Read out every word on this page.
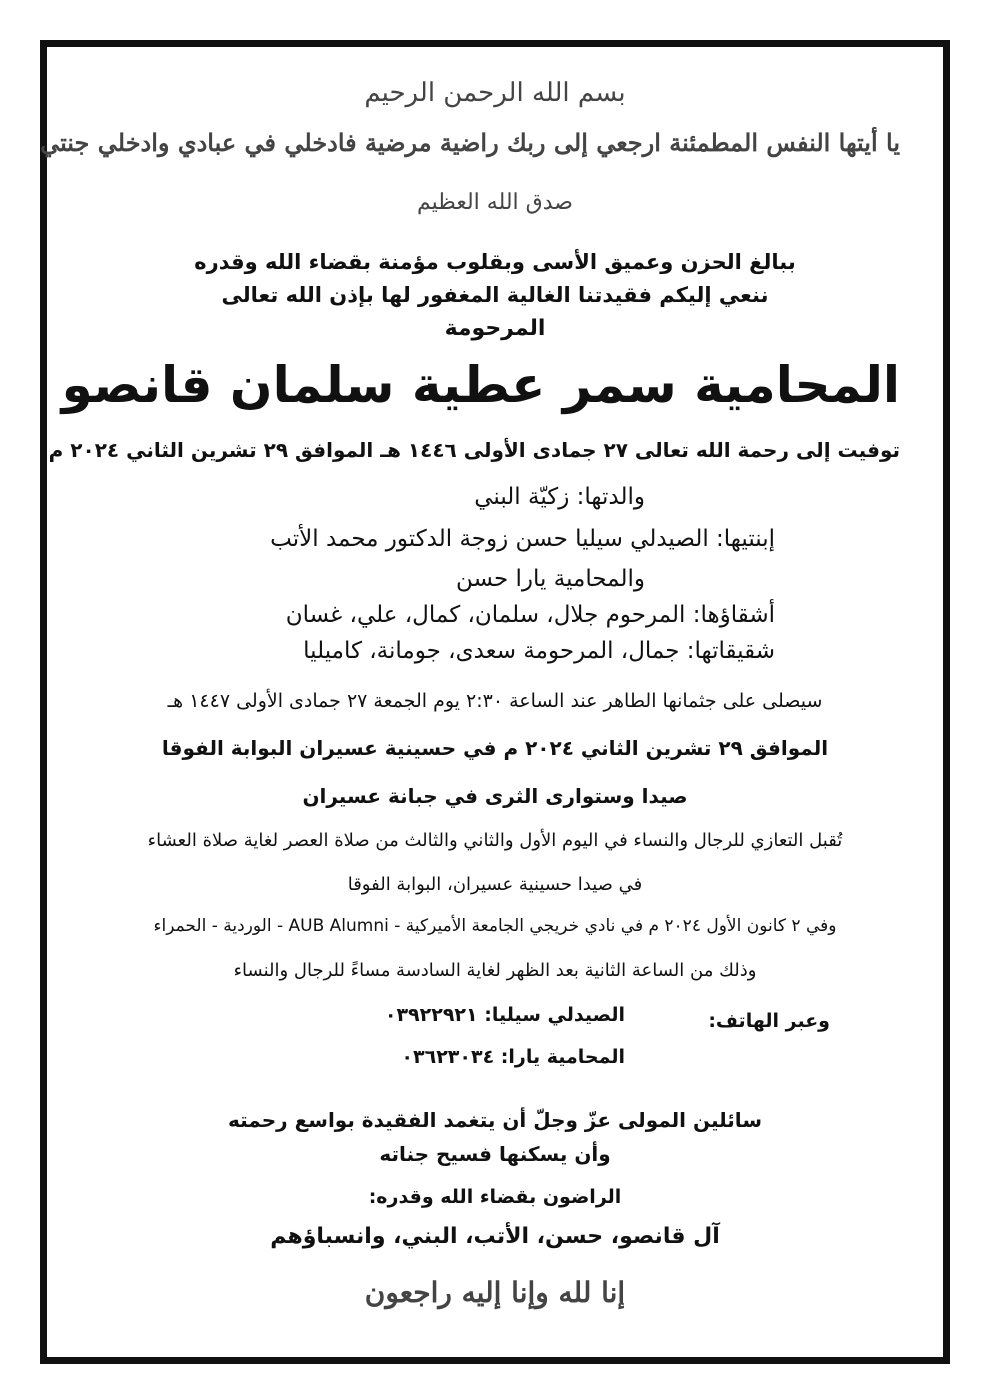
بسم الله الرحمن الرحيم
يا أيتها النفس المطمئنة ارجعي إلى ربك راضية مرضية فادخلي في عبادي وادخلي جنتي
صدق الله العظيم
ببالغ الحزن وعميق الأسى وبقلوب مؤمنة بقضاء الله وقدره
ننعي إليكم فقيدتنا الغالية المغفور لها بإذن الله تعالى
المرحومة
المحامية سمر عطية سلمان قانصو
توفيت إلى رحمة الله تعالى ٢٧ جمادى الأولى ١٤٤٦ هـ الموافق ٢٩ تشرين الثاني ٢٠٢٤ م
والدتها: زكيّة البني
إبنتيها: الصيدلي سيليا حسن زوجة الدكتور محمد الأتب
والمحامية يارا حسن
أشقاؤها: المرحوم جلال، سلمان، كمال، علي، غسان
شقيقاتها: جمال، المرحومة سعدى، جومانة، كاميليا
سيصلى على جثمانها الطاهر عند الساعة ٢:٣٠ يوم الجمعة ٢٧ جمادى الأولى ١٤٤٧ هـ
الموافق ٢٩ تشرين الثاني ٢٠٢٤ م في حسينية عسيران البوابة الفوقا
صيدا وستوارى الثرى في جبانة عسيران
تُقبل التعازي للرجال والنساء في اليوم الأول والثاني والثالث من صلاة العصر لغاية صلاة العشاء
في صيدا حسينية عسيران، البوابة الفوقا
وفي ٢ كانون الأول ٢٠٢٤ م في نادي خريجي الجامعة الأميركية - AUB Alumni - الوردية - الحمراء
وذلك من الساعة الثانية بعد الظهر لغاية السادسة مساءً للرجال والنساء
وعبر الهاتف:
الصيدلي سيليا: ٠٣٩٢٢٩٢١
المحامية يارا: ٠٣٦٢٣٠٣٤
سائلين المولى عزّ وجلّ أن يتغمد الفقيدة بواسع رحمته
وأن يسكنها فسيح جناته
الراضون بقضاء الله وقدره:
آل قانصو، حسن، الأتب، البني، وانسباؤهم
إنا لله وإنا إليه راجعون
